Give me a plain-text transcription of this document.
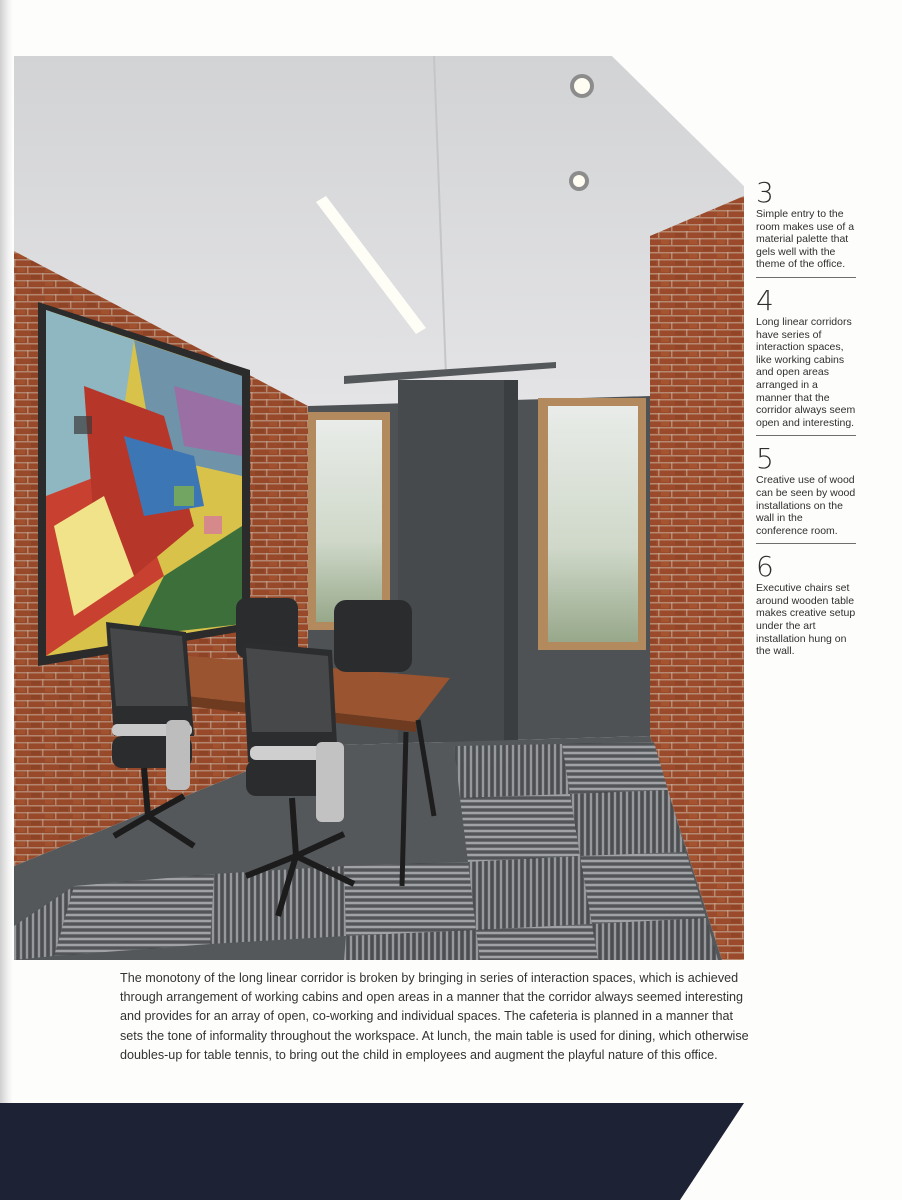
6
3
Simple entry to the room makes use of a material palette that gels well with the theme of the office.
4
Long linear corridors have series of interaction spaces, like working cabins and open areas arranged in a manner that the corridor always seem open and interesting.
5
Creative use of wood can be seen by wood installations on the wall in the conference room.
6
Executive chairs set around wooden table makes creative setup under the art installation hung on the wall.

The monotony of the long linear corridor is broken by bringing in series of interaction spaces, which is achieved through arrangement of working cabins and open areas in a manner that the corridor always seemed interesting and provides for an array of open, co-working and individual spaces. The cafeteria is planned in a manner that sets the tone of informality throughout the workspace. At lunch, the main table is used for dining, which otherwise doubles-up for table tennis, to bring out the child in employees and augment the playful nature of this office.
